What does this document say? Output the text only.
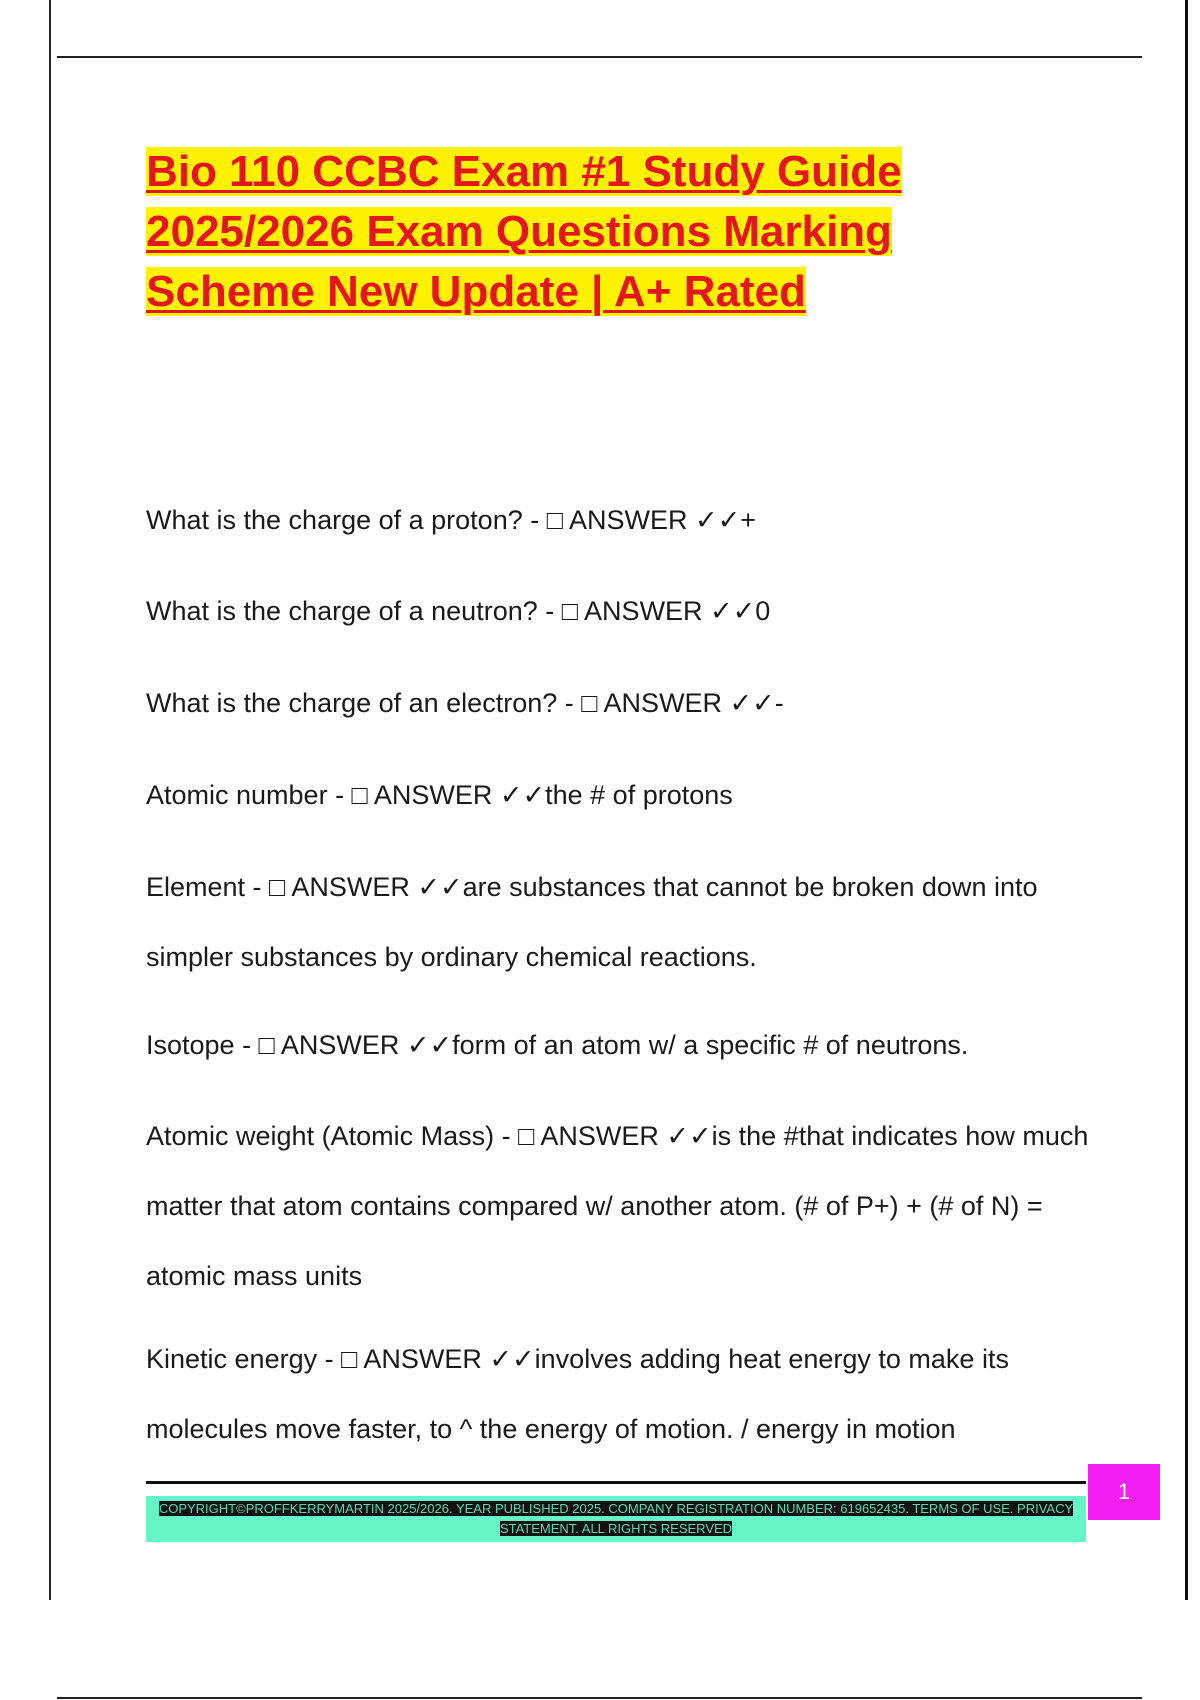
Bio 110 CCBC Exam #1 Study Guide 2025/2026 Exam Questions Marking Scheme New Update | A+ Rated

What is the charge of a proton? - □ ANSWER ✓✓+

What is the charge of a neutron? - □ ANSWER ✓✓0

What is the charge of an electron? - □ ANSWER ✓✓-

Atomic number - □ ANSWER ✓✓the # of protons

Element - □ ANSWER ✓✓are substances that cannot be broken down into simpler substances by ordinary chemical reactions.

Isotope - □ ANSWER ✓✓form of an atom w/ a specific # of neutrons.

Atomic weight (Atomic Mass) - □ ANSWER ✓✓is the #that indicates how much matter that atom contains compared w/ another atom. (# of P+) + (# of N) = atomic mass units

Kinetic energy - □ ANSWER ✓✓involves adding heat energy to make its molecules move faster, to ^ the energy of motion. / energy in motion

COPYRIGHT©PROFFKERRYMARTIN 2025/2026. YEAR PUBLISHED 2025. COMPANY REGISTRATION NUMBER: 619652435. TERMS OF USE. PRIVACY STATEMENT. ALL RIGHTS RESERVED
1
